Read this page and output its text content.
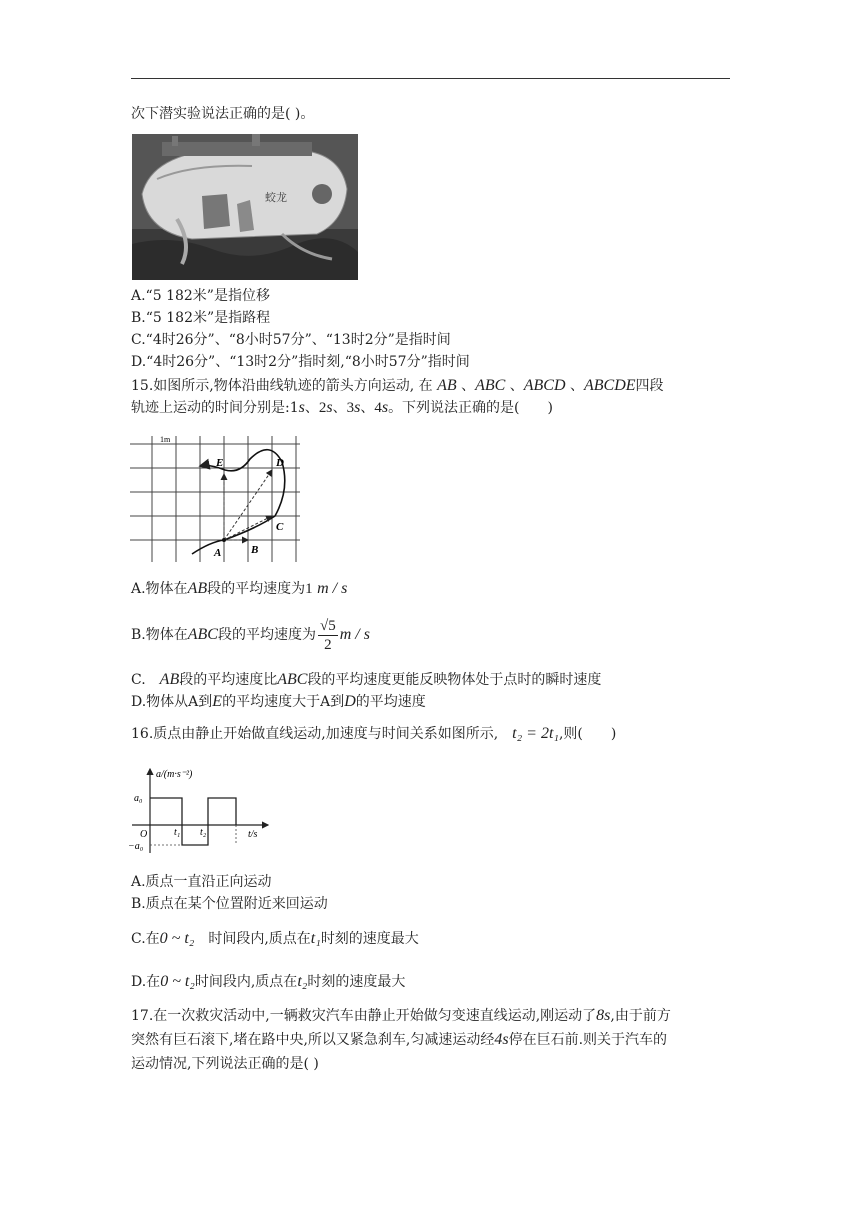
次下潜实验说法正确的是( )。
蛟龙
A.“5 182米”是指位移
B.“5 182米”是指路程
C.“4时26分”、“8小时57分”、“13时2分”是指时间
D.“4时26分”、“13时2分”指时刻,“8小时57分”指时间
15.如图所示,物体沿曲线轨迹的箭头方向运动, 在 AB 、ABC 、ABCD 、ABCDE四段
轨迹上运动的时间分别是:1s、2s、3s、4s。下列说法正确的是(　　)
1m
A	B
C
D
E
A.物体在AB段的平均速度为1 m / s
B.物体在ABC段的平均速度为 $\frac{√5}{2}$ m / s
C.　AB段的平均速度比ABC段的平均速度更能反映物体处于点时的瞬时速度
D.物体从A到E的平均速度大于A到D的平均速度
16.质点由静止开始做直线运动,加速度与时间关系如图所示,　t₂ = 2t₁,则(　　)
a/(m·s⁻²)
t/s
O
a₀
−a₀
t₁ t₂
A.质点一直沿正向运动
B.质点在某个位置附近来回运动
C.在0 ~ t₂　 时间段内,质点在t₁时刻的速度最大
D.在0 ~ t₂时间段内,质点在t₂时刻的速度最大
17.在一次救灾活动中,一辆救灾汽车由静止开始做匀变速直线运动,刚运动了8s,由于前方
突然有巨石滚下,堵在路中央,所以又紧急刹车,匀减速运动经4s停在巨石前.则关于汽车的
运动情况,下列说法正确的是( )
